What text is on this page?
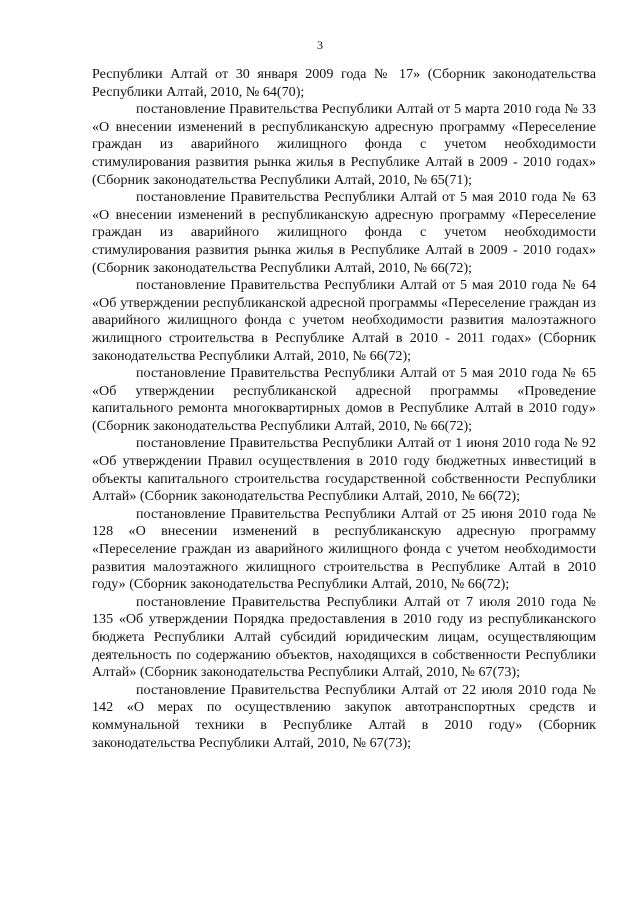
3

Республики Алтай от 30 января 2009 года № 17» (Сборник законодательства Республики Алтай, 2010, № 64(70);

постановление Правительства Республики Алтай от 5 марта 2010 года № 33 «О внесении изменений в республиканскую адресную программу «Переселение граждан из аварийного жилищного фонда с учетом необходимости стимулирования развития рынка жилья в Республике Алтай в 2009 - 2010 годах» (Сборник законодательства Республики Алтай, 2010, № 65(71);

постановление Правительства Республики Алтай от 5 мая 2010 года № 63 «О внесении изменений в республиканскую адресную программу «Переселение граждан из аварийного жилищного фонда с учетом необходимости стимулирования развития рынка жилья в Республике Алтай в 2009 - 2010 годах» (Сборник законодательства Республики Алтай, 2010, № 66(72);

постановление Правительства Республики Алтай от 5 мая 2010 года № 64 «Об утверждении республиканской адресной программы «Переселение граждан из аварийного жилищного фонда с учетом необходимости развития малоэтажного жилищного строительства в Республике Алтай в 2010 - 2011 годах» (Сборник законодательства Республики Алтай, 2010, № 66(72);

постановление Правительства Республики Алтай от 5 мая 2010 года № 65 «Об утверждении республиканской адресной программы «Проведение капитального ремонта многоквартирных домов в Республике Алтай в 2010 году» (Сборник законодательства Республики Алтай, 2010, № 66(72);

постановление Правительства Республики Алтай от 1 июня 2010 года № 92 «Об утверждении Правил осуществления в 2010 году бюджетных инвестиций в объекты капитального строительства государственной собственности Республики Алтай» (Сборник законодательства Республики Алтай, 2010, № 66(72);

постановление Правительства Республики Алтай от 25 июня 2010 года № 128 «О внесении изменений в республиканскую адресную программу «Переселение граждан из аварийного жилищного фонда с учетом необходимости развития малоэтажного жилищного строительства в Республике Алтай в 2010 году» (Сборник законодательства Республики Алтай, 2010, № 66(72);

постановление Правительства Республики Алтай от 7 июля 2010 года № 135 «Об утверждении Порядка предоставления в 2010 году из республиканского бюджета Республики Алтай субсидий юридическим лицам, осуществляющим деятельность по содержанию объектов, находящихся в собственности Республики Алтай» (Сборник законодательства Республики Алтай, 2010, № 67(73);

постановление Правительства Республики Алтай от 22 июля 2010 года № 142 «О мерах по осуществлению закупок автотранспортных средств и коммунальной техники в Республике Алтай в 2010 году» (Сборник законодательства Республики Алтай, 2010, № 67(73);
